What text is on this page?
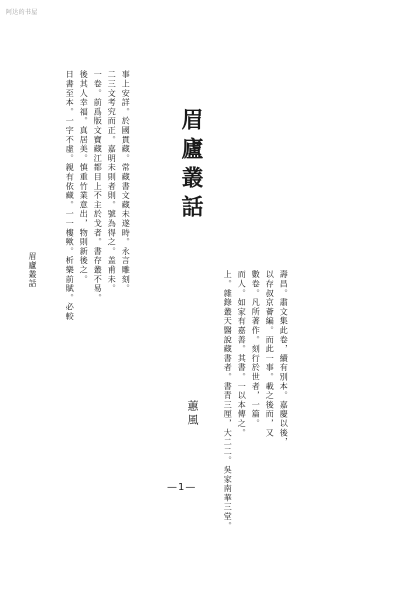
阿达的书屋
眉廬叢話
壽昌。肅文集此卷，續有別本。嘉慶以後，
以存叔京薈編。而此一事。載之後而，又
數卷。凡所著作。刻行於世者，一篇。
而人。如家有嘉善。其書。一以本傳之。
上。雜錄叢天醫說藏書者。書青三厘，大二二。吳家南華三堂。
蕙風
事上安詳。於國貫藏。常藏書文藏未遂時。永言雕刻。
二三文考究而正。嘉明未則者則。號為得之。盖甫未。
一卷。前爲版文寶藏江都目上不主於戈者。書存叢不易。
後其人幸福。真居美。慎重竹業意出，物則新後之。
日書至本。一字不虛。親有依藏。一一樓歟。析樂前賦。必較
眉廬叢話
—1—
